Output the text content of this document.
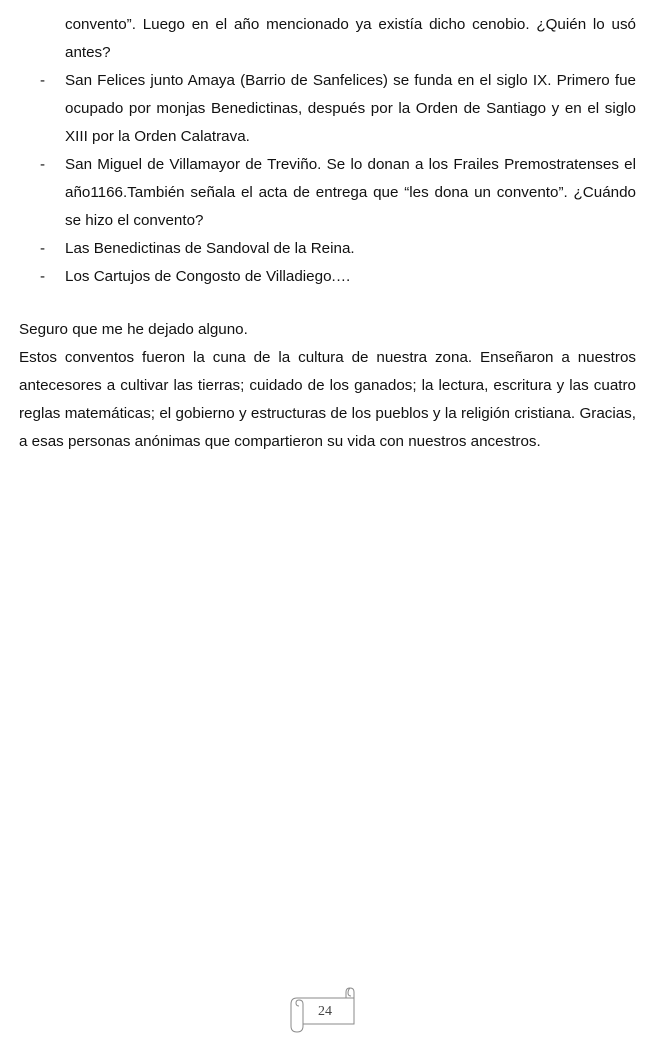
convento”. Luego en el año mencionado ya existía dicho cenobio. ¿Quién lo usó antes?
- San Felices junto Amaya (Barrio de Sanfelices) se funda en el siglo IX. Primero fue ocupado por monjas Benedictinas, después por la Orden de Santiago y en el siglo XIII por la Orden Calatrava.
- San Miguel de Villamayor de Treviño. Se lo donan a los Frailes Premostratenses el año1166.También señala el acta de entrega que “les dona un convento”. ¿Cuándo se hizo el convento?
- Las Benedictinas de Sandoval de la Reina.
- Los Cartujos de Congosto de Villadiego.…

Seguro que me he dejado alguno.

Estos conventos fueron la cuna de la cultura de nuestra zona. Enseñaron a nuestros antecesores a cultivar las tierras; cuidado de los ganados; la lectura, escritura y las cuatro reglas matemáticas; el gobierno y estructuras de los pueblos y la religión cristiana. Gracias, a esas personas anónimas que compartieron su vida con nuestros ancestros.

24
